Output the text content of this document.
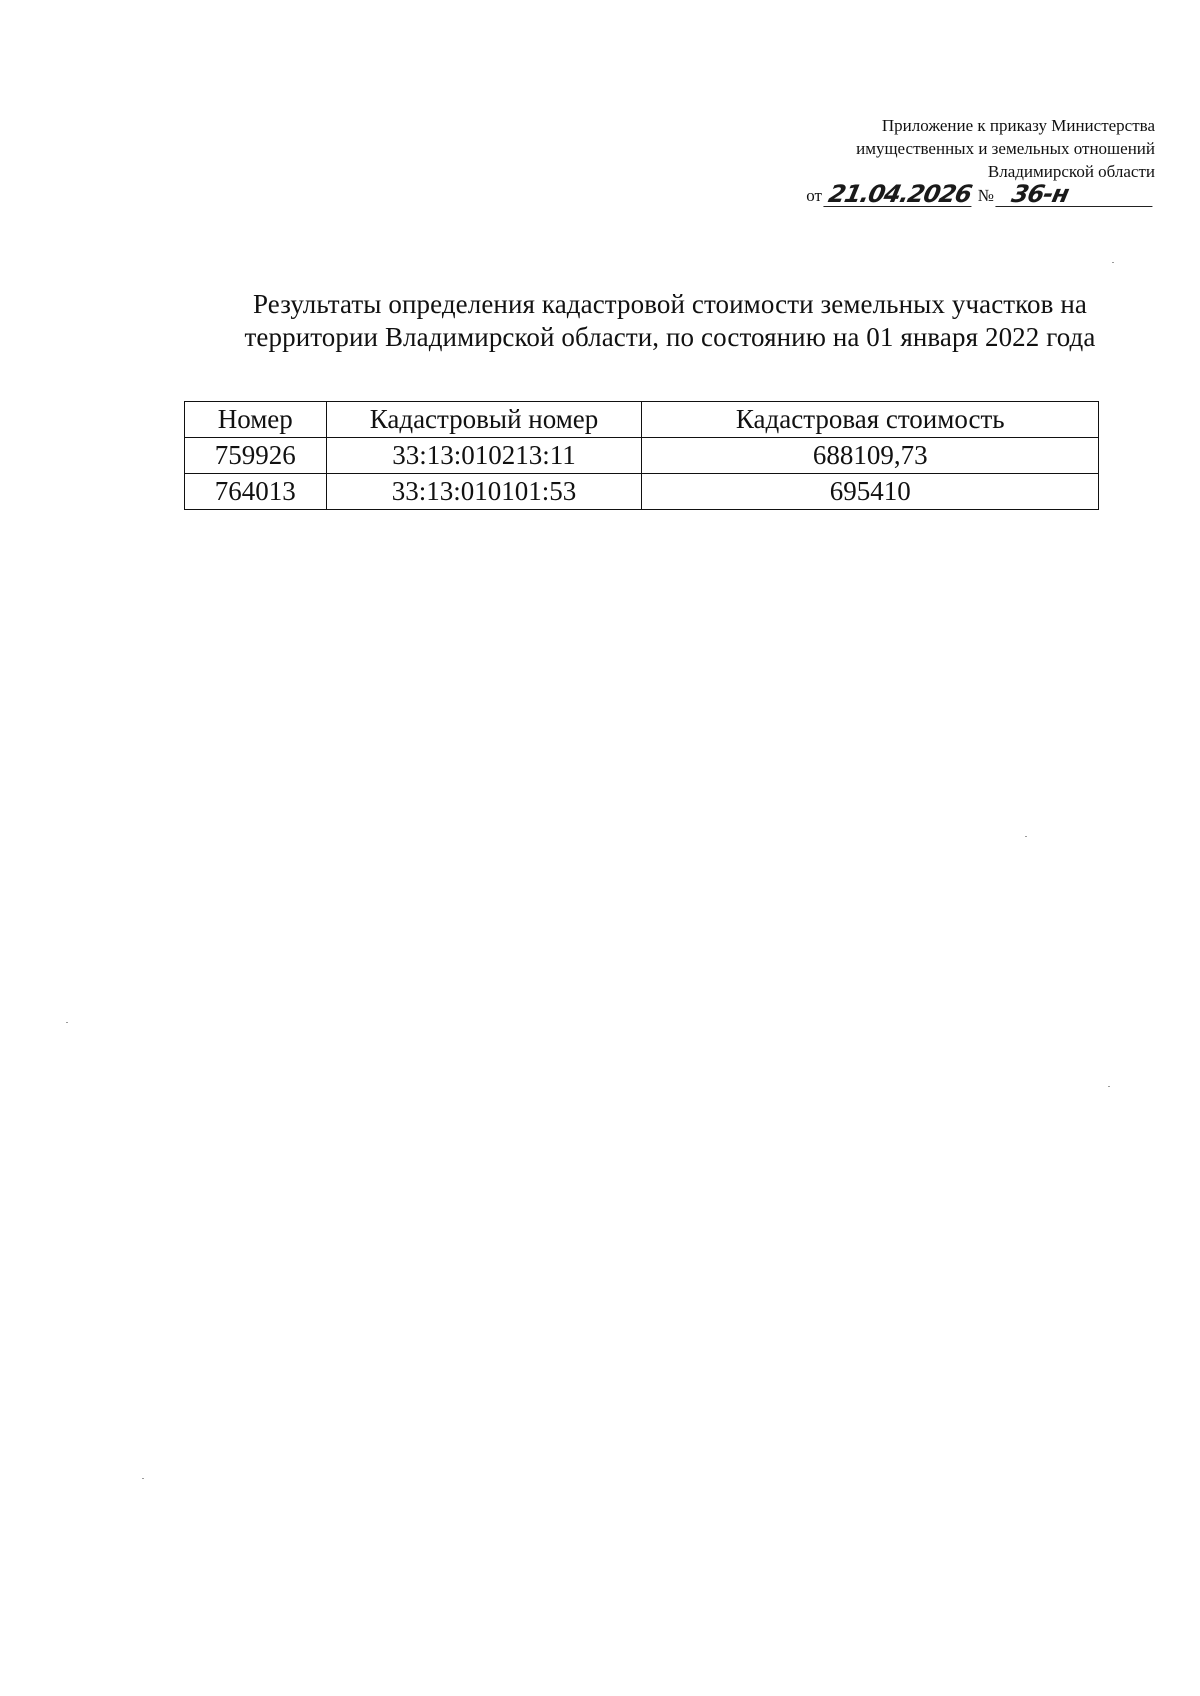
Приложение к приказу Министерства
имущественных и земельных отношений
Владимирской области
от 21.04.2026 № 36-н
Результаты определения кадастровой стоимости земельных участков на
территории Владимирской области, по состоянию на 01 января 2022 года
Номер	Кадастровый номер	Кадастровая стоимость
759926	33:13:010213:11	688109,73
764013	33:13:010101:53	695410
